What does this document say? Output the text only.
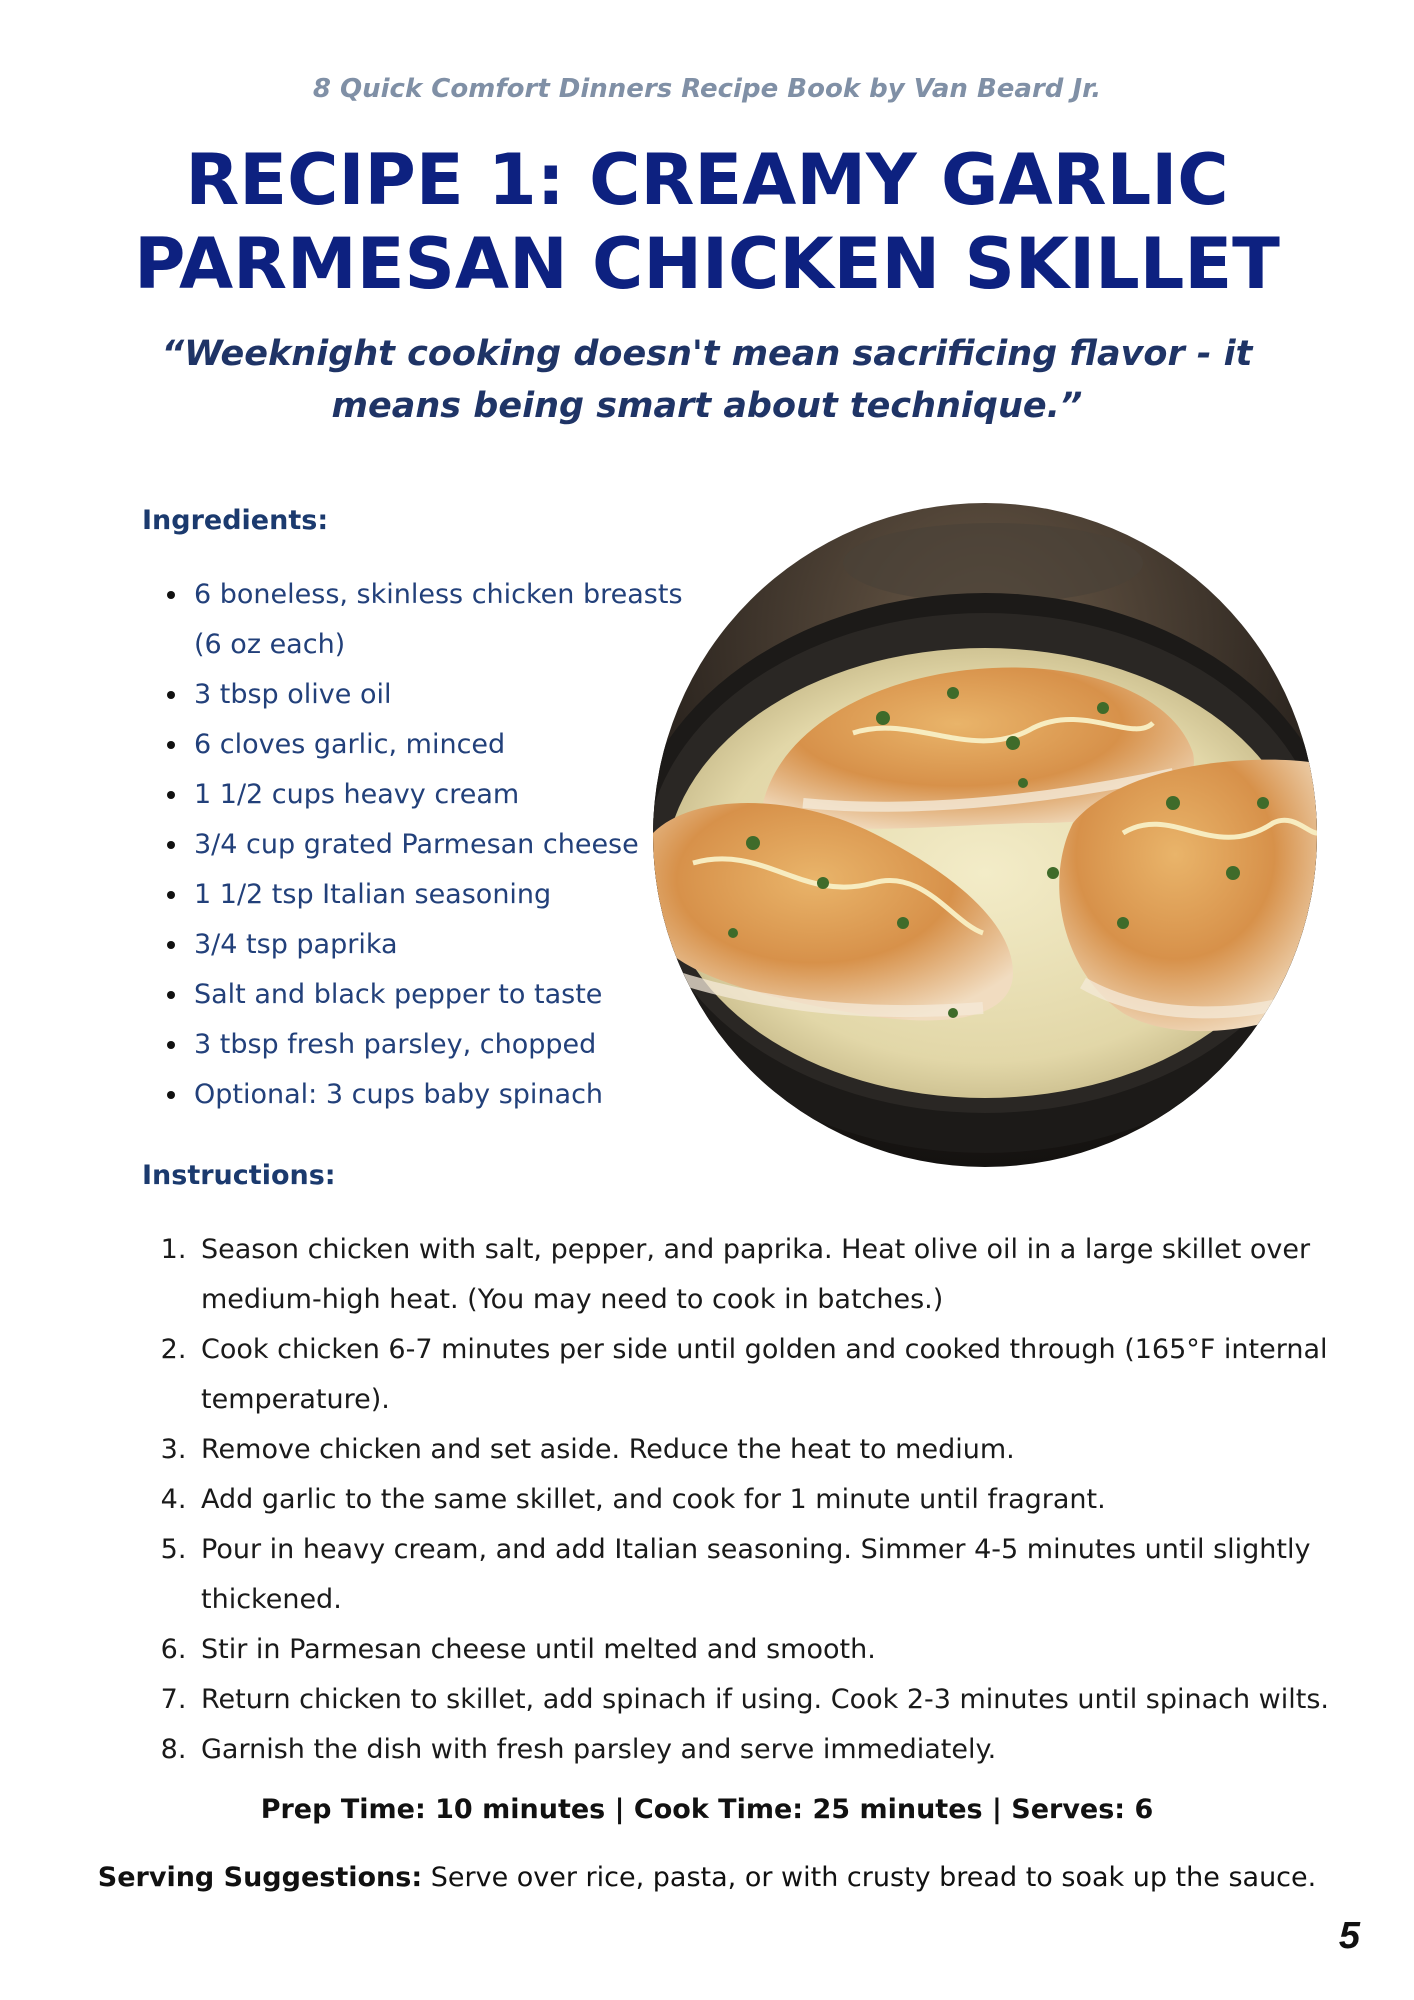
8 Quick Comfort Dinners Recipe Book by Van Beard Jr.
RECIPE 1: CREAMY GARLIC PARMESAN CHICKEN SKILLET
“Weeknight cooking doesn't mean sacrificing flavor - it means being smart about technique.”
Ingredients:
• 6 boneless, skinless chicken breasts (6 oz each)
• 3 tbsp olive oil
• 6 cloves garlic, minced
• 1 1/2 cups heavy cream
• 3/4 cup grated Parmesan cheese
• 1 1/2 tsp Italian seasoning
• 3/4 tsp paprika
• Salt and black pepper to taste
• 3 tbsp fresh parsley, chopped
• Optional: 3 cups baby spinach
Instructions:
1. Season chicken with salt, pepper, and paprika. Heat olive oil in a large skillet over medium-high heat. (You may need to cook in batches.)
2. Cook chicken 6-7 minutes per side until golden and cooked through (165°F internal temperature).
3. Remove chicken and set aside. Reduce the heat to medium.
4. Add garlic to the same skillet, and cook for 1 minute until fragrant.
5. Pour in heavy cream, and add Italian seasoning. Simmer 4-5 minutes until slightly thickened.
6. Stir in Parmesan cheese until melted and smooth.
7. Return chicken to skillet, add spinach if using. Cook 2-3 minutes until spinach wilts.
8. Garnish the dish with fresh parsley and serve immediately.
Prep Time: 10 minutes | Cook Time: 25 minutes | Serves: 6
Serving Suggestions: Serve over rice, pasta, or with crusty bread to soak up the sauce.
5
